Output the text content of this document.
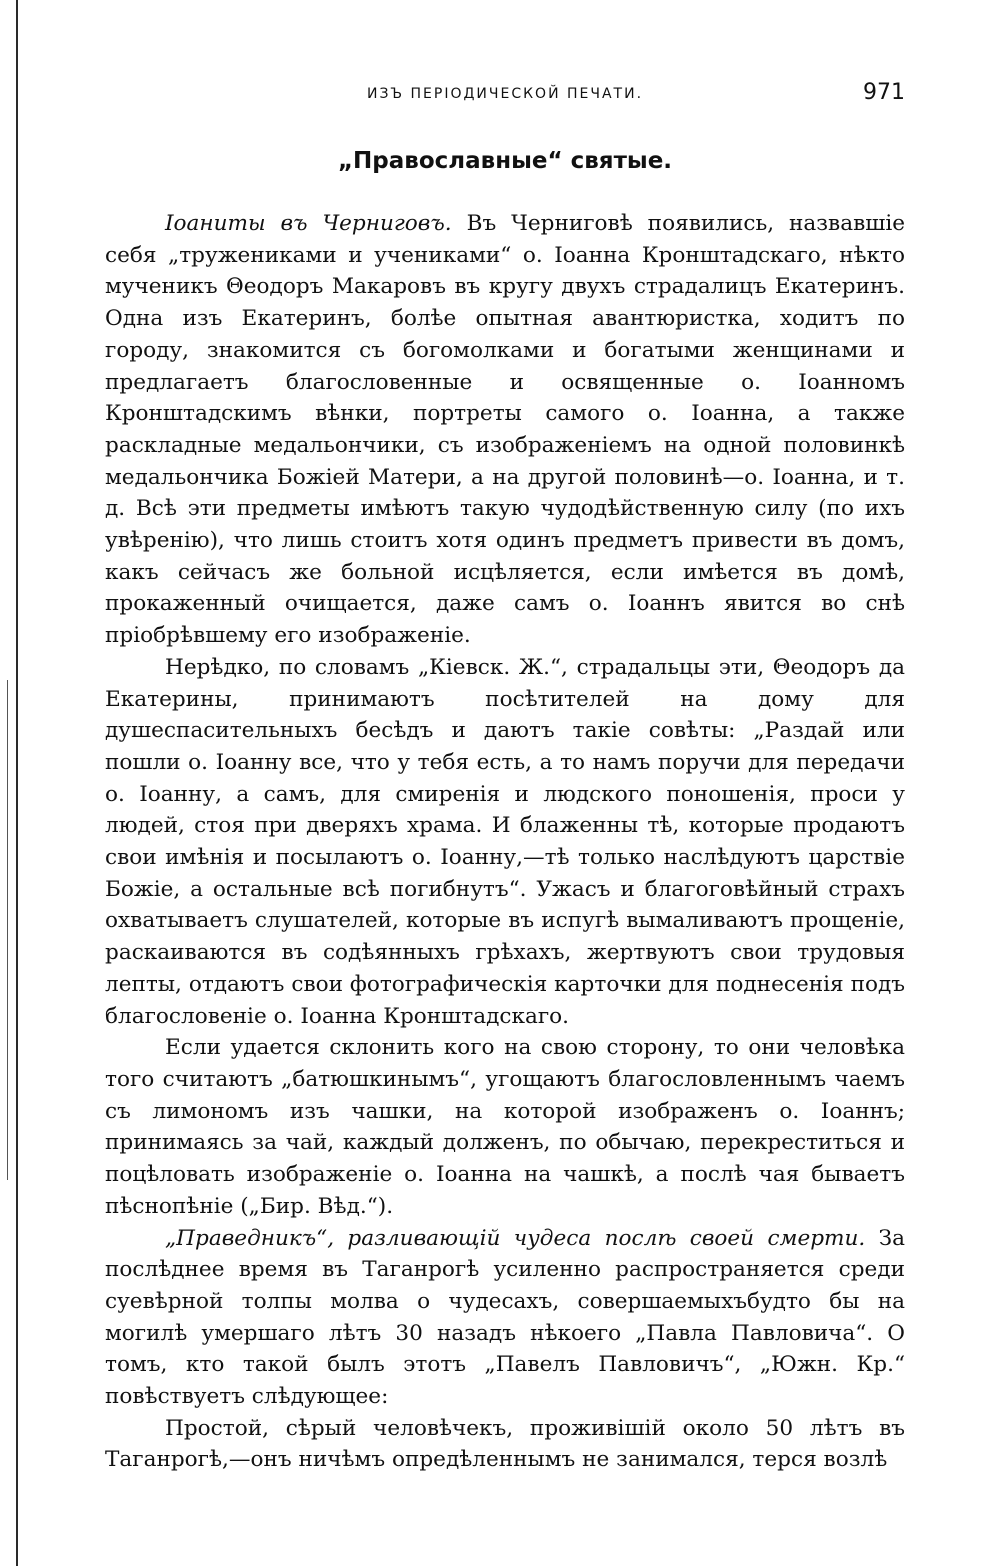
ИЗЪ ПЕРІОДИЧЕСКОЙ ПЕЧАТИ.	971
„Православные“ святые.

Іоаниты въ Черниговъ. Въ Черниговѣ появились, назвавшіе себя „тружениками и учениками“ о. Іоанна Кронштадскаго, нѣкто мученикъ Θеодоръ Макаровъ въ кругу двухъ страдалицъ Екатеринъ. Одна изъ Екатеринъ, болѣе опытная авантюристка, ходитъ по городу, знакомится съ богомолками и богатыми женщинами и предлагаетъ благословенные и освященные о. Іоанномъ Кронштадскимъ вѣнки, портреты самого о. Іоанна, а также раскладные медальончики, съ изображеніемъ на одной половинкѣ медальончика Божіей Матери, а на другой половинѣ—о. Іоанна, и т. д. Всѣ эти предметы имѣютъ такую чудодѣйственную силу (по ихъ увѣренію), что лишь стоитъ хотя одинъ предметъ привести въ домъ, какъ сейчасъ же больной исцѣляется, если имѣется въ домѣ, прокаженный очищается, даже самъ о. Іоаннъ явится во снѣ пріобрѣвшему его изображеніе.

Нерѣдко, по словамъ „Кіевск. Ж.“, страдальцы эти, Θеодоръ да Екатерины, принимаютъ посѣтителей на дому для душеспасительныхъ бесѣдъ и даютъ такіе совѣты: „Раздай или пошли о. Іоанну все, что у тебя есть, а то намъ поручи для передачи о. Іоанну, а самъ, для смиренія и людского поношенія, проси у людей, стоя при дверяхъ храма. И блаженны тѣ, которые продаютъ свои имѣнія и посылаютъ о. Іоанну,—тѣ только наслѣдуютъ царствіе Божіе, а остальные всѣ погибнутъ“. Ужасъ и благоговѣйный страхъ охватываетъ слушателей, которые въ испугѣ вымаливаютъ прощеніе, раскаиваются въ содѣянныхъ грѣхахъ, жертвуютъ свои трудовыя лепты, отдаютъ свои фотографическія карточки для поднесенія подъ благословеніе о. Іоанна Кронштадскаго.

Если удается склонить кого на свою сторону, то они человѣка того считаютъ „батюшкинымъ“, угощаютъ благословленнымъ чаемъ съ лимономъ изъ чашки, на которой изображенъ о. Іоаннъ; принимаясь за чай, каждый долженъ, по обычаю, перекреститься и поцѣловать изображеніе о. Іоанна на чашкѣ, а послѣ чая бываетъ пѣснопѣніе („Бир. Вѣд.“).

„Праведникъ“, разливающій чудеса послѣ своей смерти. За послѣднее время въ Таганрогѣ усиленно распространяется среди суевѣрной толпы молва о чудесахъ, совершаемыхъбудто бы на могилѣ умершаго лѣтъ 30 назадъ нѣкоего „Павла Павловича“. О томъ, кто такой былъ этотъ „Павелъ Павловичъ“, „Южн. Кр.“ повѣствуетъ слѣдующее:

Простой, сѣрый человѣчекъ, проживішій около 50 лѣтъ въ Таганрогѣ,—онъ ничѣмъ опредѣленнымъ не занимался, терся возлѣ
